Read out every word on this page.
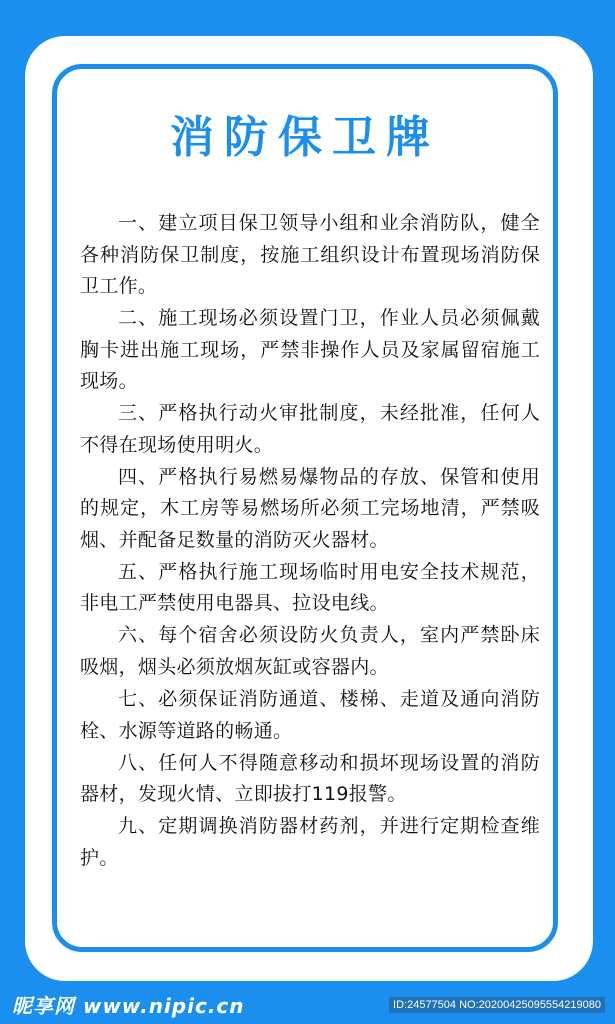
消防保卫牌
一、建立项目保卫领导小组和业余消防队，健全各种消防保卫制度，按施工组织设计布置现场消防保卫工作。
二、施工现场必须设置门卫，作业人员必须佩戴胸卡进出施工现场，严禁非操作人员及家属留宿施工现场。
三、严格执行动火审批制度，未经批准，任何人不得在现场使用明火。
四、严格执行易燃易爆物品的存放、保管和使用的规定，木工房等易燃场所必须工完场地清，严禁吸烟、并配备足数量的消防灭火器材。
五、严格执行施工现场临时用电安全技术规范，非电工严禁使用电器具、拉设电线。
六、每个宿舍必须设防火负责人，室内严禁卧床吸烟，烟头必须放烟灰缸或容器内。
七、必须保证消防通道、楼梯、走道及通向消防栓、水源等道路的畅通。
八、任何人不得随意移动和损坏现场设置的消防器材，发现火情、立即拔打119报警。
九、定期调换消防器材药剂，并进行定期检查维护。
昵享网 www.nipic.cn	ID:24577504 NO:20200425095554219080
